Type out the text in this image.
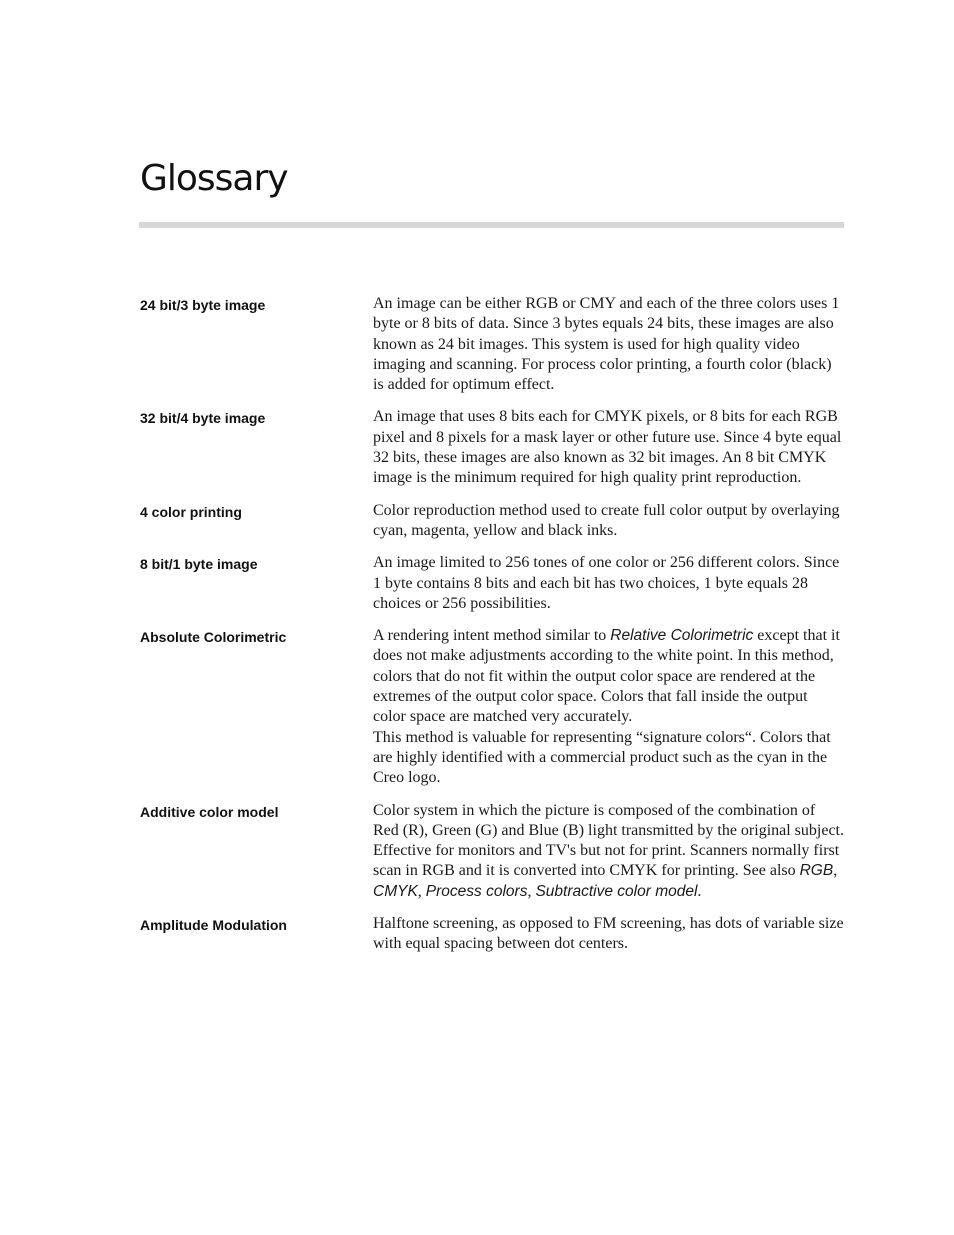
Glossary
24 bit/3 byte image	An image can be either RGB or CMY and each of the three colors uses 1 byte or 8 bits of data. Since 3 bytes equals 24 bits, these images are also known as 24 bit images. This system is used for high quality video imaging and scanning. For process color printing, a fourth color (black) is added for optimum effect.

32 bit/4 byte image	An image that uses 8 bits each for CMYK pixels, or 8 bits for each RGB pixel and 8 pixels for a mask layer or other future use. Since 4 byte equal 32 bits, these images are also known as 32 bit images. An 8 bit CMYK image is the minimum required for high quality print reproduction.

4 color printing	Color reproduction method used to create full color output by overlaying cyan, magenta, yellow and black inks.

8 bit/1 byte image	An image limited to 256 tones of one color or 256 different colors. Since 1 byte contains 8 bits and each bit has two choices, 1 byte equals 28 choices or 256 possibilities.

Absolute Colorimetric	A rendering intent method similar to Relative Colorimetric except that it does not make adjustments according to the white point. In this method, colors that do not fit within the output color space are rendered at the extremes of the output color space. Colors that fall inside the output color space are matched very accurately.
This method is valuable for representing “signature colors“. Colors that are highly identified with a commercial product such as the cyan in the Creo logo.

Additive color model	Color system in which the picture is composed of the combination of Red (R), Green (G) and Blue (B) light transmitted by the original subject. Effective for monitors and TV's but not for print. Scanners normally first scan in RGB and it is converted into CMYK for printing. See also RGB, CMYK, Process colors, Subtractive color model.

Amplitude Modulation	Halftone screening, as opposed to FM screening, has dots of variable size with equal spacing between dot centers.
